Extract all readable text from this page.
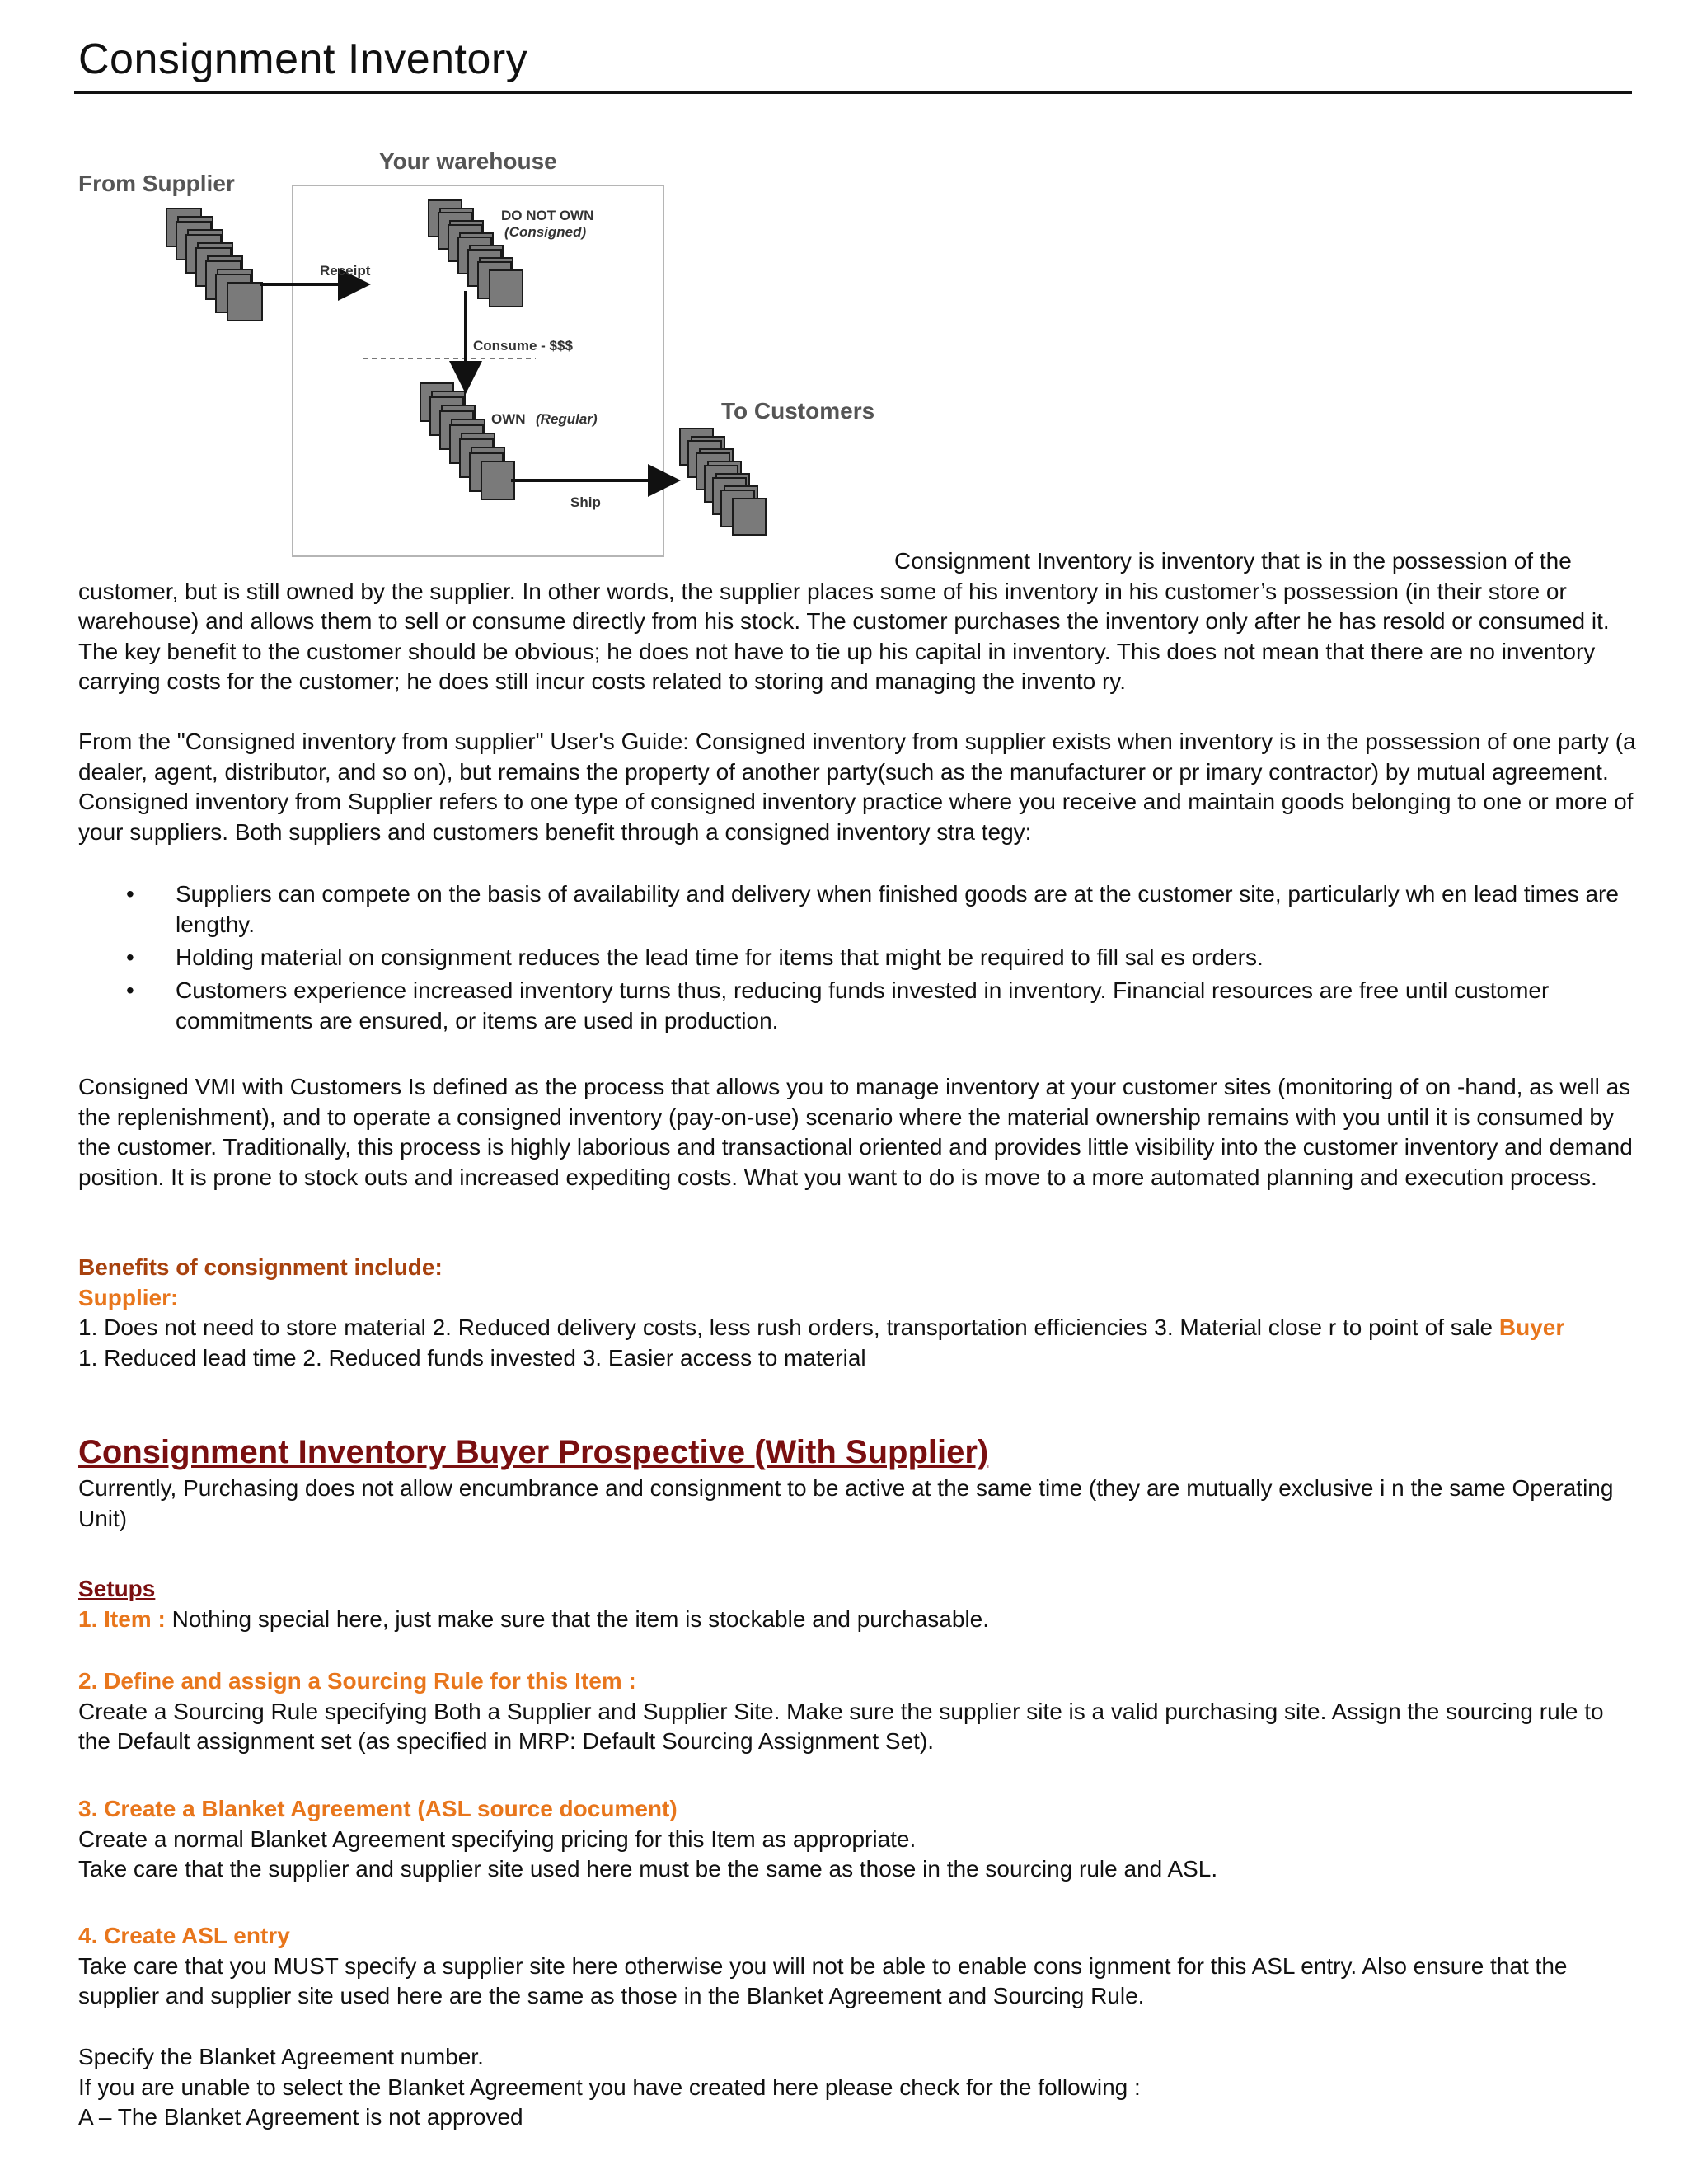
Consignment Inventory
From Supplier
Your warehouse
DO NOT OWN
(Consigned)
Receipt
Consume - $$$
OWN (Regular)	To Customers
Ship
Consignment Inventory is inventory that is in the possession of the
customer, but is still owned by the supplier. In other words, the supplier places some of his inventory in his customer’s possession (in their store or warehouse) and allows them to sell or consume directly from his stock. The customer purchases the inventory only after he has resold or consumed it. The key benefit to the customer should be obvious; he does not have to tie up his capital in inventory. This does not mean that there are no inventory carrying costs for the customer; he does still incur costs related to storing and managing the invento ry.
From the "Consigned inventory from supplier" User's Guide: Consigned inventory from supplier exists when inventory is in the possession of one party (a dealer, agent, distributor, and so on), but remains the property of another party(such as the manufacturer or pr imary contractor) by mutual agreement. Consigned inventory from Supplier refers to one type of consigned inventory practice where you receive and maintain goods belonging to one or more of your suppliers. Both suppliers and customers benefit through a consigned inventory stra tegy:
• Suppliers can compete on the basis of availability and delivery when finished goods are at the customer site, particularly wh en lead times are lengthy.
• Holding material on consignment reduces the lead time for items that might be required to fill sal es orders.
• Customers experience increased inventory turns thus, reducing funds invested in inventory. Financial resources are free until customer commitments are ensured, or items are used in production.
Consigned VMI with Customers Is defined as the process that allows you to manage inventory at your customer sites (monitoring of on -hand, as well as the replenishment), and to operate a consigned inventory (pay-on-use) scenario where the material ownership remains with you until it is consumed by the customer. Traditionally, this process is highly laborious and transactional oriented and provides little visibility into the customer inventory and demand position. It is prone to stock outs and increased expediting costs. What you want to do is move to a more automated planning and execution process.
Benefits of consignment include:
Supplier:
1. Does not need to store material 2. Reduced delivery costs, less rush orders, transportation efficiencies 3. Material close r to point of sale Buyer
1. Reduced lead time 2. Reduced funds invested 3. Easier access to material
Consignment Inventory Buyer Prospective (With Supplier)
Currently, Purchasing does not allow encumbrance and consignment to be active at the same time (they are mutually exclusive i n the same Operating Unit)
Setups
1. Item : Nothing special here, just make sure that the item is stockable and purchasable.
2. Define and assign a Sourcing Rule for this Item :
Create a Sourcing Rule specifying Both a Supplier and Supplier Site. Make sure the supplier site is a valid purchasing site. Assign the sourcing rule to the Default assignment set (as specified in MRP: Default Sourcing Assignment Set).
3. Create a Blanket Agreement (ASL source document)
Create a normal Blanket Agreement specifying pricing for this Item as appropriate.
Take care that the supplier and supplier site used here must be the same as those in the sourcing rule and ASL.
4. Create ASL entry
Take care that you MUST specify a supplier site here otherwise you will not be able to enable cons ignment for this ASL entry. Also ensure that the supplier and supplier site used here are the same as those in the Blanket Agreement and Sourcing Rule.
Specify the Blanket Agreement number.
If you are unable to select the Blanket Agreement you have created here please check for the following :
A – The Blanket Agreement is not approved
